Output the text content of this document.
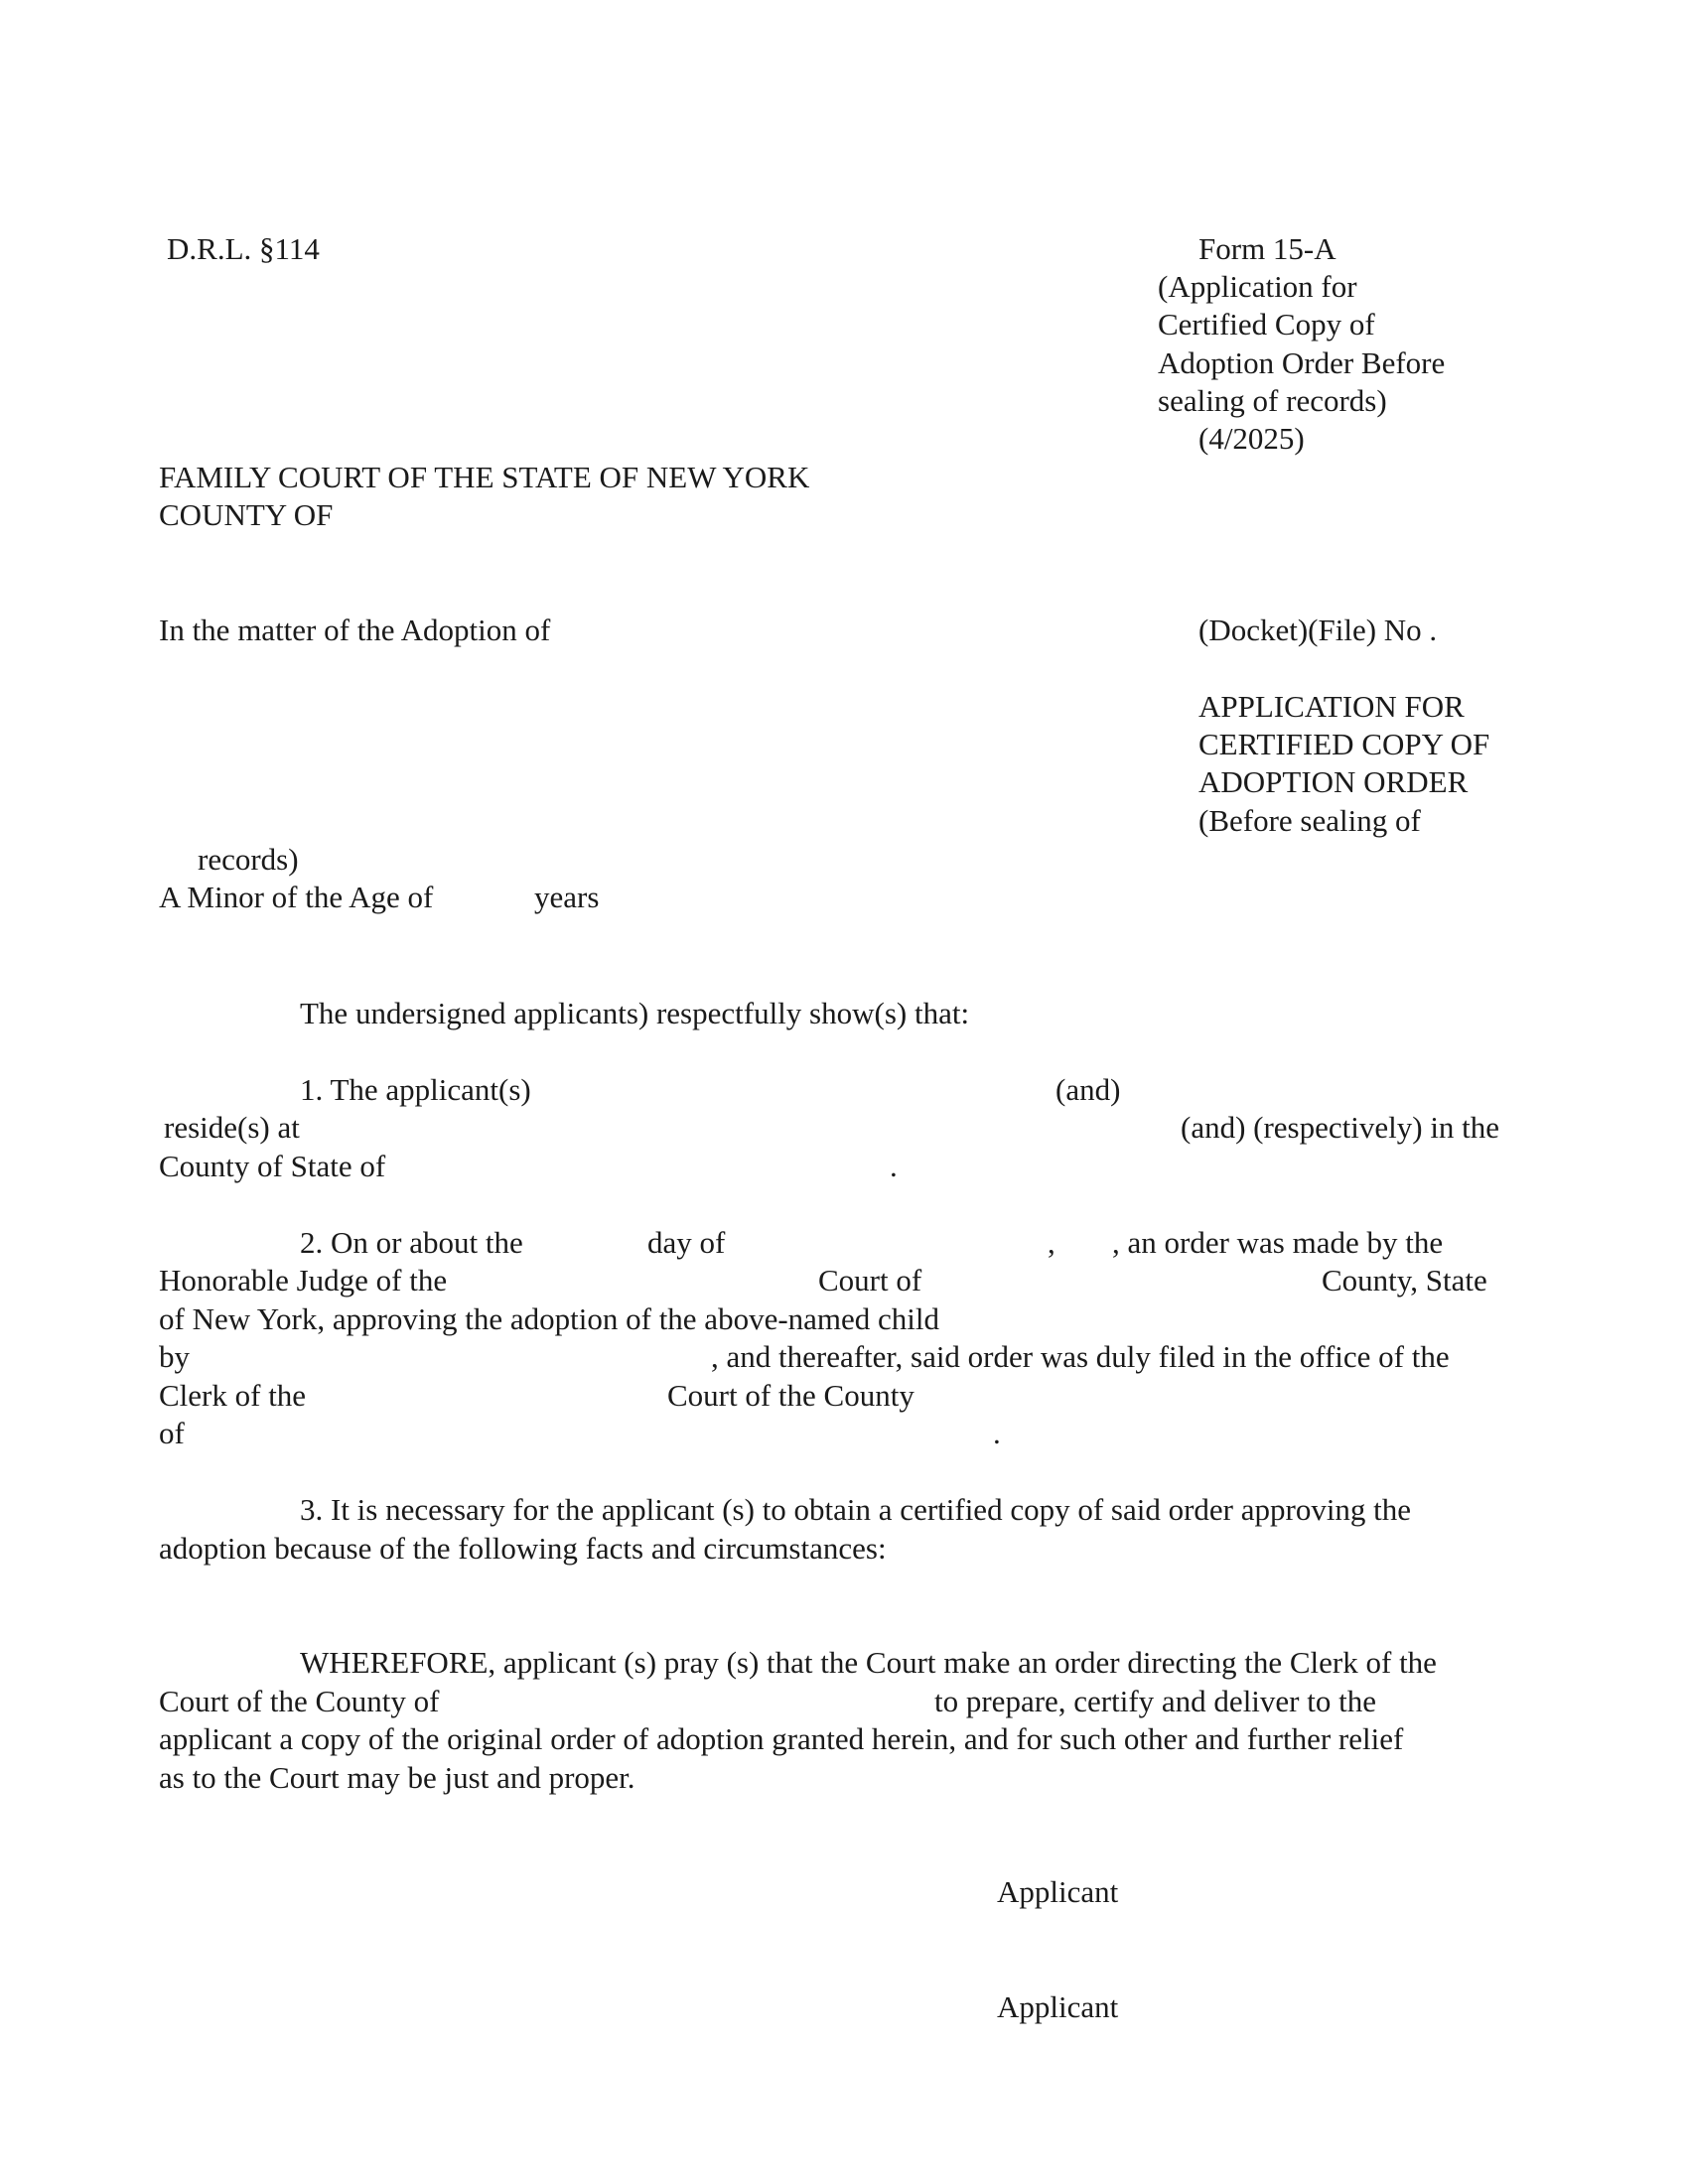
D.R.L. §114	Form 15-A
(Application for
Certified Copy of
Adoption Order Before
sealing of records)
(4/2025)
FAMILY COURT OF THE STATE OF NEW YORK
COUNTY OF
In the matter of the Adoption of	(Docket)(File) No .
APPLICATION FOR
CERTIFIED COPY OF
ADOPTION ORDER
(Before sealing of
records)
A Minor of the Age of	years
The undersigned applicants) respectfully show(s) that:
1. The applicant(s)	(and)
reside(s) at	(and) (respectively) in the
County of State of	.
2. On or about the	day of	, , an order was made by the
Honorable Judge of the	Court of	County, State
of New York, approving the adoption of the above-named child
by	, and thereafter, said order was duly filed in the office of the
Clerk of the	Court of the County
of	.
3. It is necessary for the applicant (s) to obtain a certified copy of said order approving the
adoption because of the following facts and circumstances:
WHEREFORE, applicant (s) pray (s) that the Court make an order directing the Clerk of the
Court of the County of	to prepare, certify and deliver to the
applicant a copy of the original order of adoption granted herein, and for such other and further relief
as to the Court may be just and proper.
Applicant
Applicant
